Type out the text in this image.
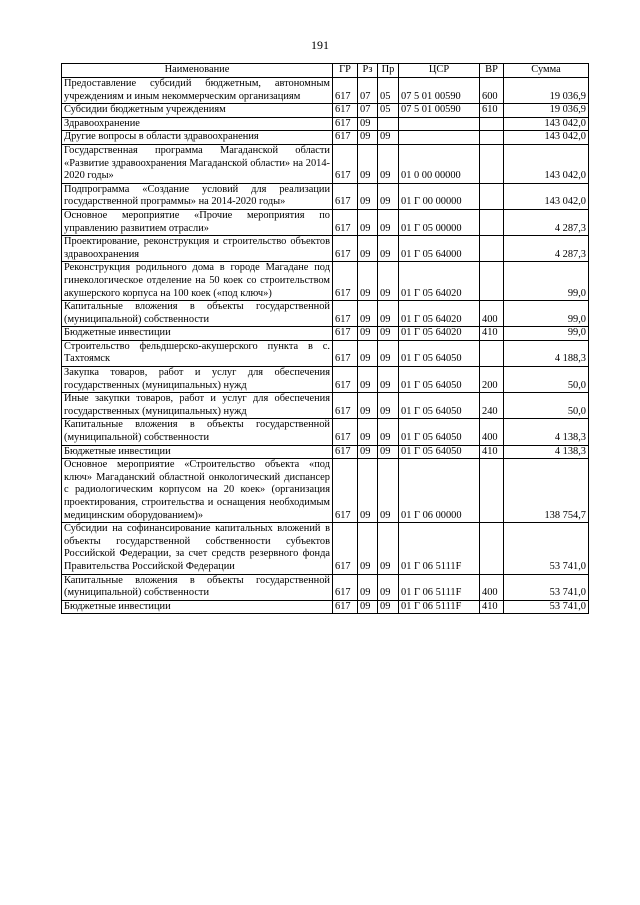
191
Наименование	ГР	Рз	Пр	ЦСР	ВР	Сумма
Предоставление субсидий бюджетным, автономным учреждениям и иным некоммерческим организациям	617	07	05	07 5 01 00590	600	19 036,9
Субсидии бюджетным учреждениям	617	07	05	07 5 01 00590	610	19 036,9
Здравоохранение	617	09				143 042,0
Другие вопросы в области здравоохранения	617	09	09			143 042,0
Государственная программа Магаданской области «Развитие здравоохранения Магаданской области» на 2014-2020 годы»	617	09	09	01 0 00 00000		143 042,0
Подпрограмма «Создание условий для реализации государственной программы» на 2014-2020 годы»	617	09	09	01 Г 00 00000		143 042,0
Основное мероприятие «Прочие мероприятия по управлению развитием отрасли»	617	09	09	01 Г 05 00000		4 287,3
Проектирование, реконструкция и строительство объектов здравоохранения	617	09	09	01 Г 05 64000		4 287,3
Реконструкция родильного дома в городе Магадане под гинекологическое отделение на 50 коек со строительством акушерского корпуса на 100 коек («под ключ»)	617	09	09	01 Г 05 64020		99,0
Капитальные вложения в объекты государственной (муниципальной) собственности	617	09	09	01 Г 05 64020	400	99,0
Бюджетные инвестиции	617	09	09	01 Г 05 64020	410	99,0
Строительство фельдшерско-акушерского пункта в с. Тахтоямск	617	09	09	01 Г 05 64050		4 188,3
Закупка товаров, работ и услуг для обеспечения государственных (муниципальных) нужд	617	09	09	01 Г 05 64050	200	50,0
Иные закупки товаров, работ и услуг для обеспечения государственных (муниципальных) нужд	617	09	09	01 Г 05 64050	240	50,0
Капитальные вложения в объекты государственной (муниципальной) собственности	617	09	09	01 Г 05 64050	400	4 138,3
Бюджетные инвестиции	617	09	09	01 Г 05 64050	410	4 138,3
Основное мероприятие «Строительство объекта «под ключ» Магаданский областной онкологический диспансер с радиологическим корпусом на 20 коек» (организация проектирования, строительства и оснащения необходимым медицинским оборудованием)»	617	09	09	01 Г 06 00000		138 754,7
Субсидии на софинансирование капитальных вложений в объекты государственной собственности субъектов Российской Федерации, за счет средств резервного фонда Правительства Российской Федерации	617	09	09	01 Г 06 5111F		53 741,0
Капитальные вложения в объекты государственной (муниципальной) собственности	617	09	09	01 Г 06 5111F	400	53 741,0
Бюджетные инвестиции	617	09	09	01 Г 06 5111F	410	53 741,0
